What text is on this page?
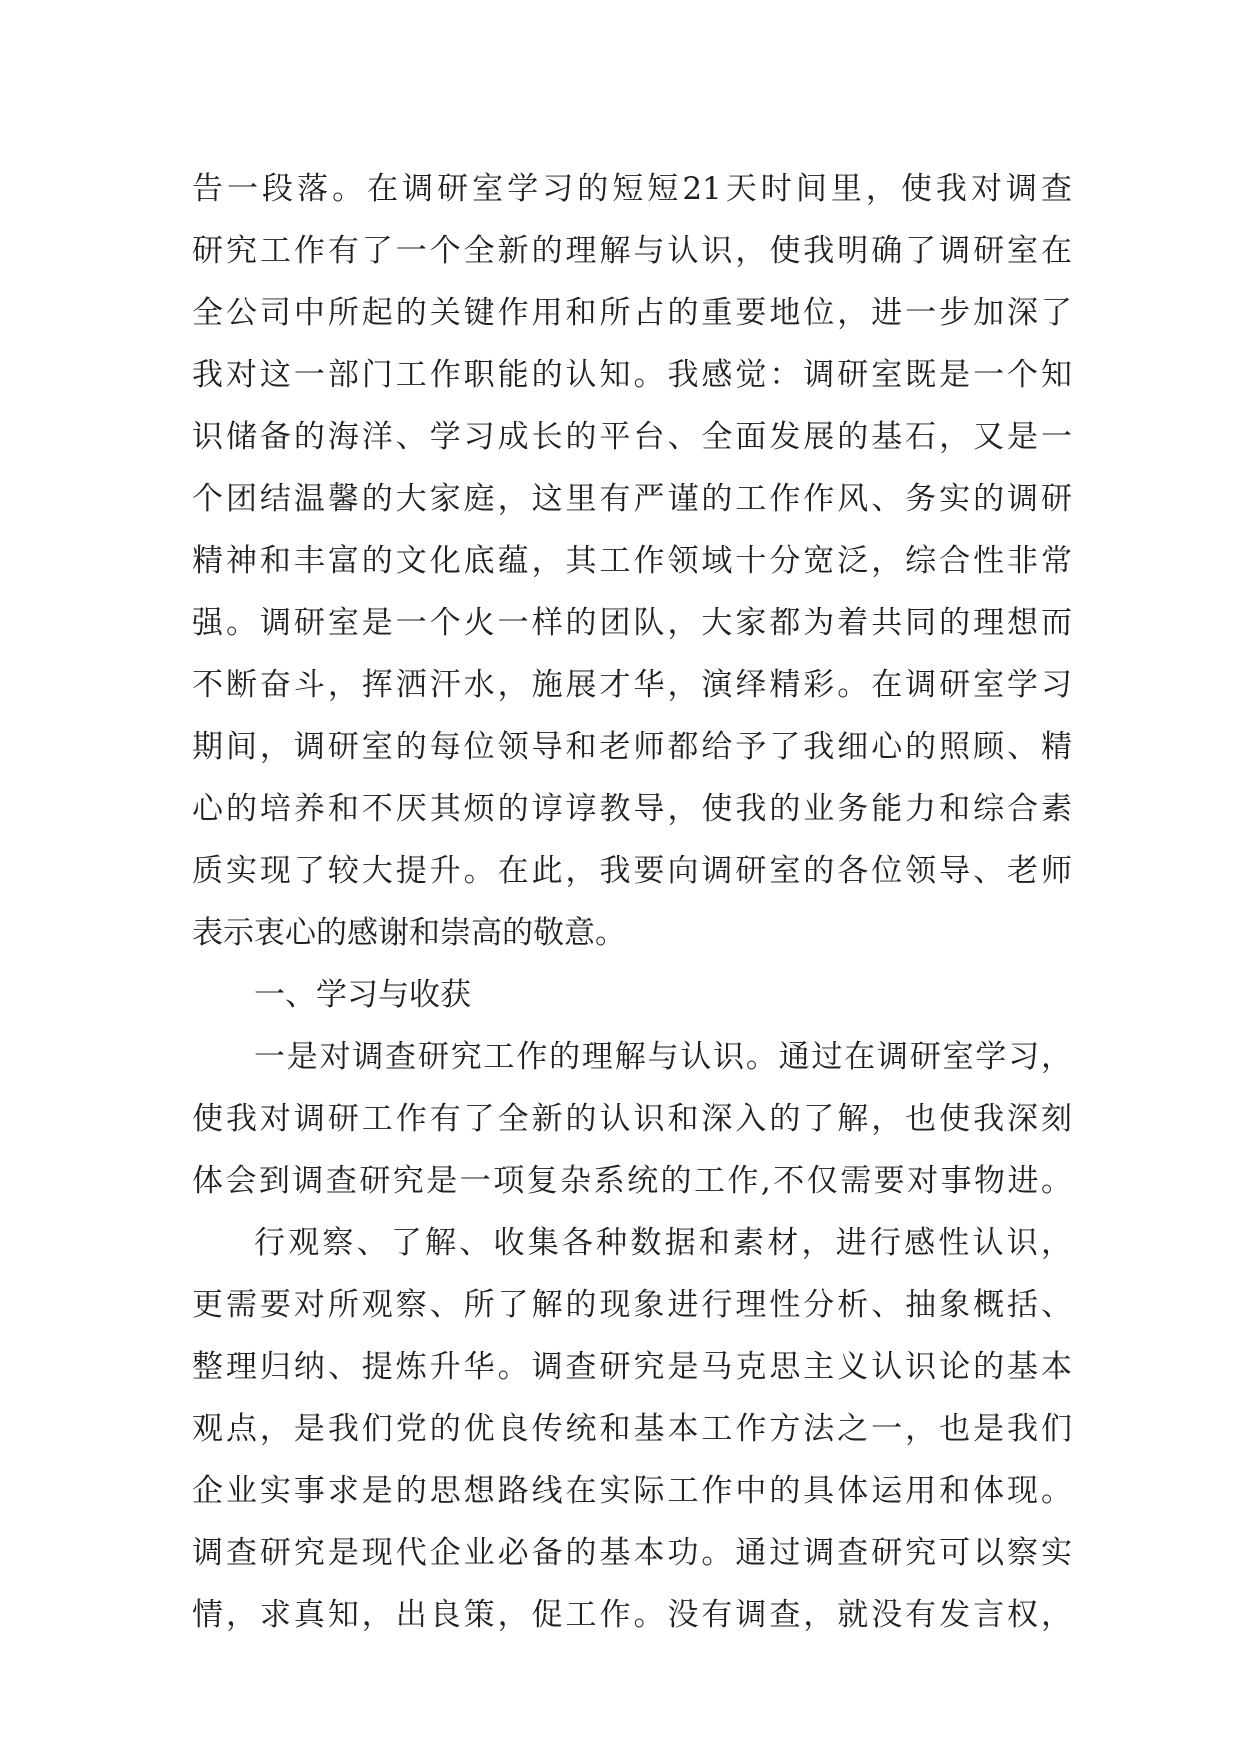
告一段落。在调研室学习的短短21天时间里，使我对调查
研究工作有了一个全新的理解与认识，使我明确了调研室在
全公司中所起的关键作用和所占的重要地位，进一步加深了
我对这一部门工作职能的认知。我感觉：调研室既是一个知
识储备的海洋、学习成长的平台、全面发展的基石，又是一
个团结温馨的大家庭，这里有严谨的工作作风、务实的调研
精神和丰富的文化底蕴，其工作领域十分宽泛，综合性非常
强。调研室是一个火一样的团队，大家都为着共同的理想而
不断奋斗，挥洒汗水，施展才华，演绎精彩。在调研室学习
期间，调研室的每位领导和老师都给予了我细心的照顾、精
心的培养和不厌其烦的谆谆教导，使我的业务能力和综合素
质实现了较大提升。在此，我要向调研室的各位领导、老师
表示衷心的感谢和崇高的敬意。
一、学习与收获
一是对调查研究工作的理解与认识。通过在调研室学习，
使我对调研工作有了全新的认识和深入的了解，也使我深刻
体会到调查研究是一项复杂系统的工作,不仅需要对事物进。
行观察、了解、收集各种数据和素材，进行感性认识，
更需要对所观察、所了解的现象进行理性分析、抽象概括、
整理归纳、提炼升华。调查研究是马克思主义认识论的基本
观点，是我们党的优良传统和基本工作方法之一，也是我们
企业实事求是的思想路线在实际工作中的具体运用和体现。
调查研究是现代企业必备的基本功。通过调查研究可以察实
情，求真知，出良策，促工作。没有调查，就没有发言权，
